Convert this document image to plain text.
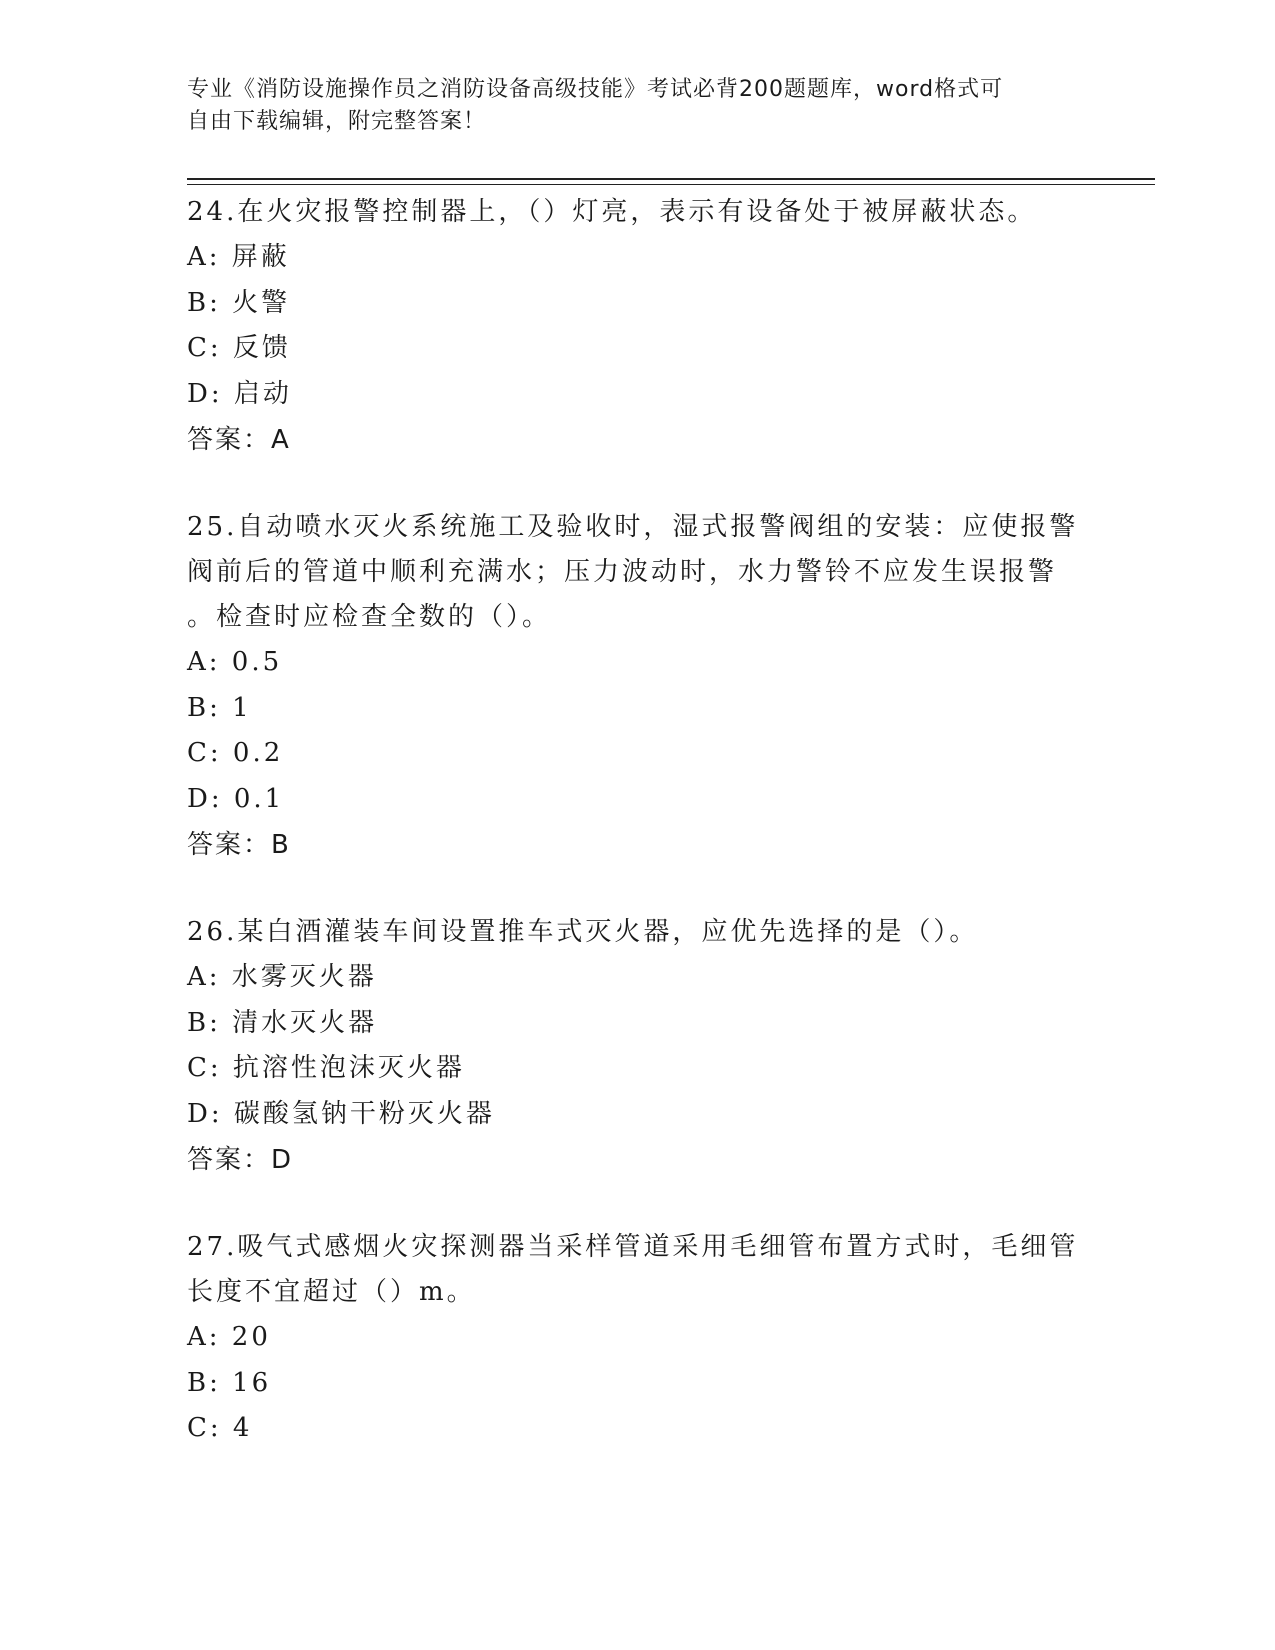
专业《消防设施操作员之消防设备高级技能》考试必背200题题库，word格式可
自由下载编辑，附完整答案！
24.在火灾报警控制器上，（）灯亮，表示有设备处于被屏蔽状态。
A: 屏蔽
B: 火警
C: 反馈
D: 启动
答案：A
25.自动喷水灭火系统施工及验收时，湿式报警阀组的安装：应使报警
阀前后的管道中顺利充满水；压力波动时，水力警铃不应发生误报警
。检查时应检查全数的（）。
A: 0.5
B: 1
C: 0.2
D: 0.1
答案：B
26.某白酒灌装车间设置推车式灭火器，应优先选择的是（）。
A: 水雾灭火器
B: 清水灭火器
C: 抗溶性泡沫灭火器
D: 碳酸氢钠干粉灭火器
答案：D
27.吸气式感烟火灾探测器当采样管道采用毛细管布置方式时，毛细管
长度不宜超过（）m。
A: 20
B: 16
C: 4
